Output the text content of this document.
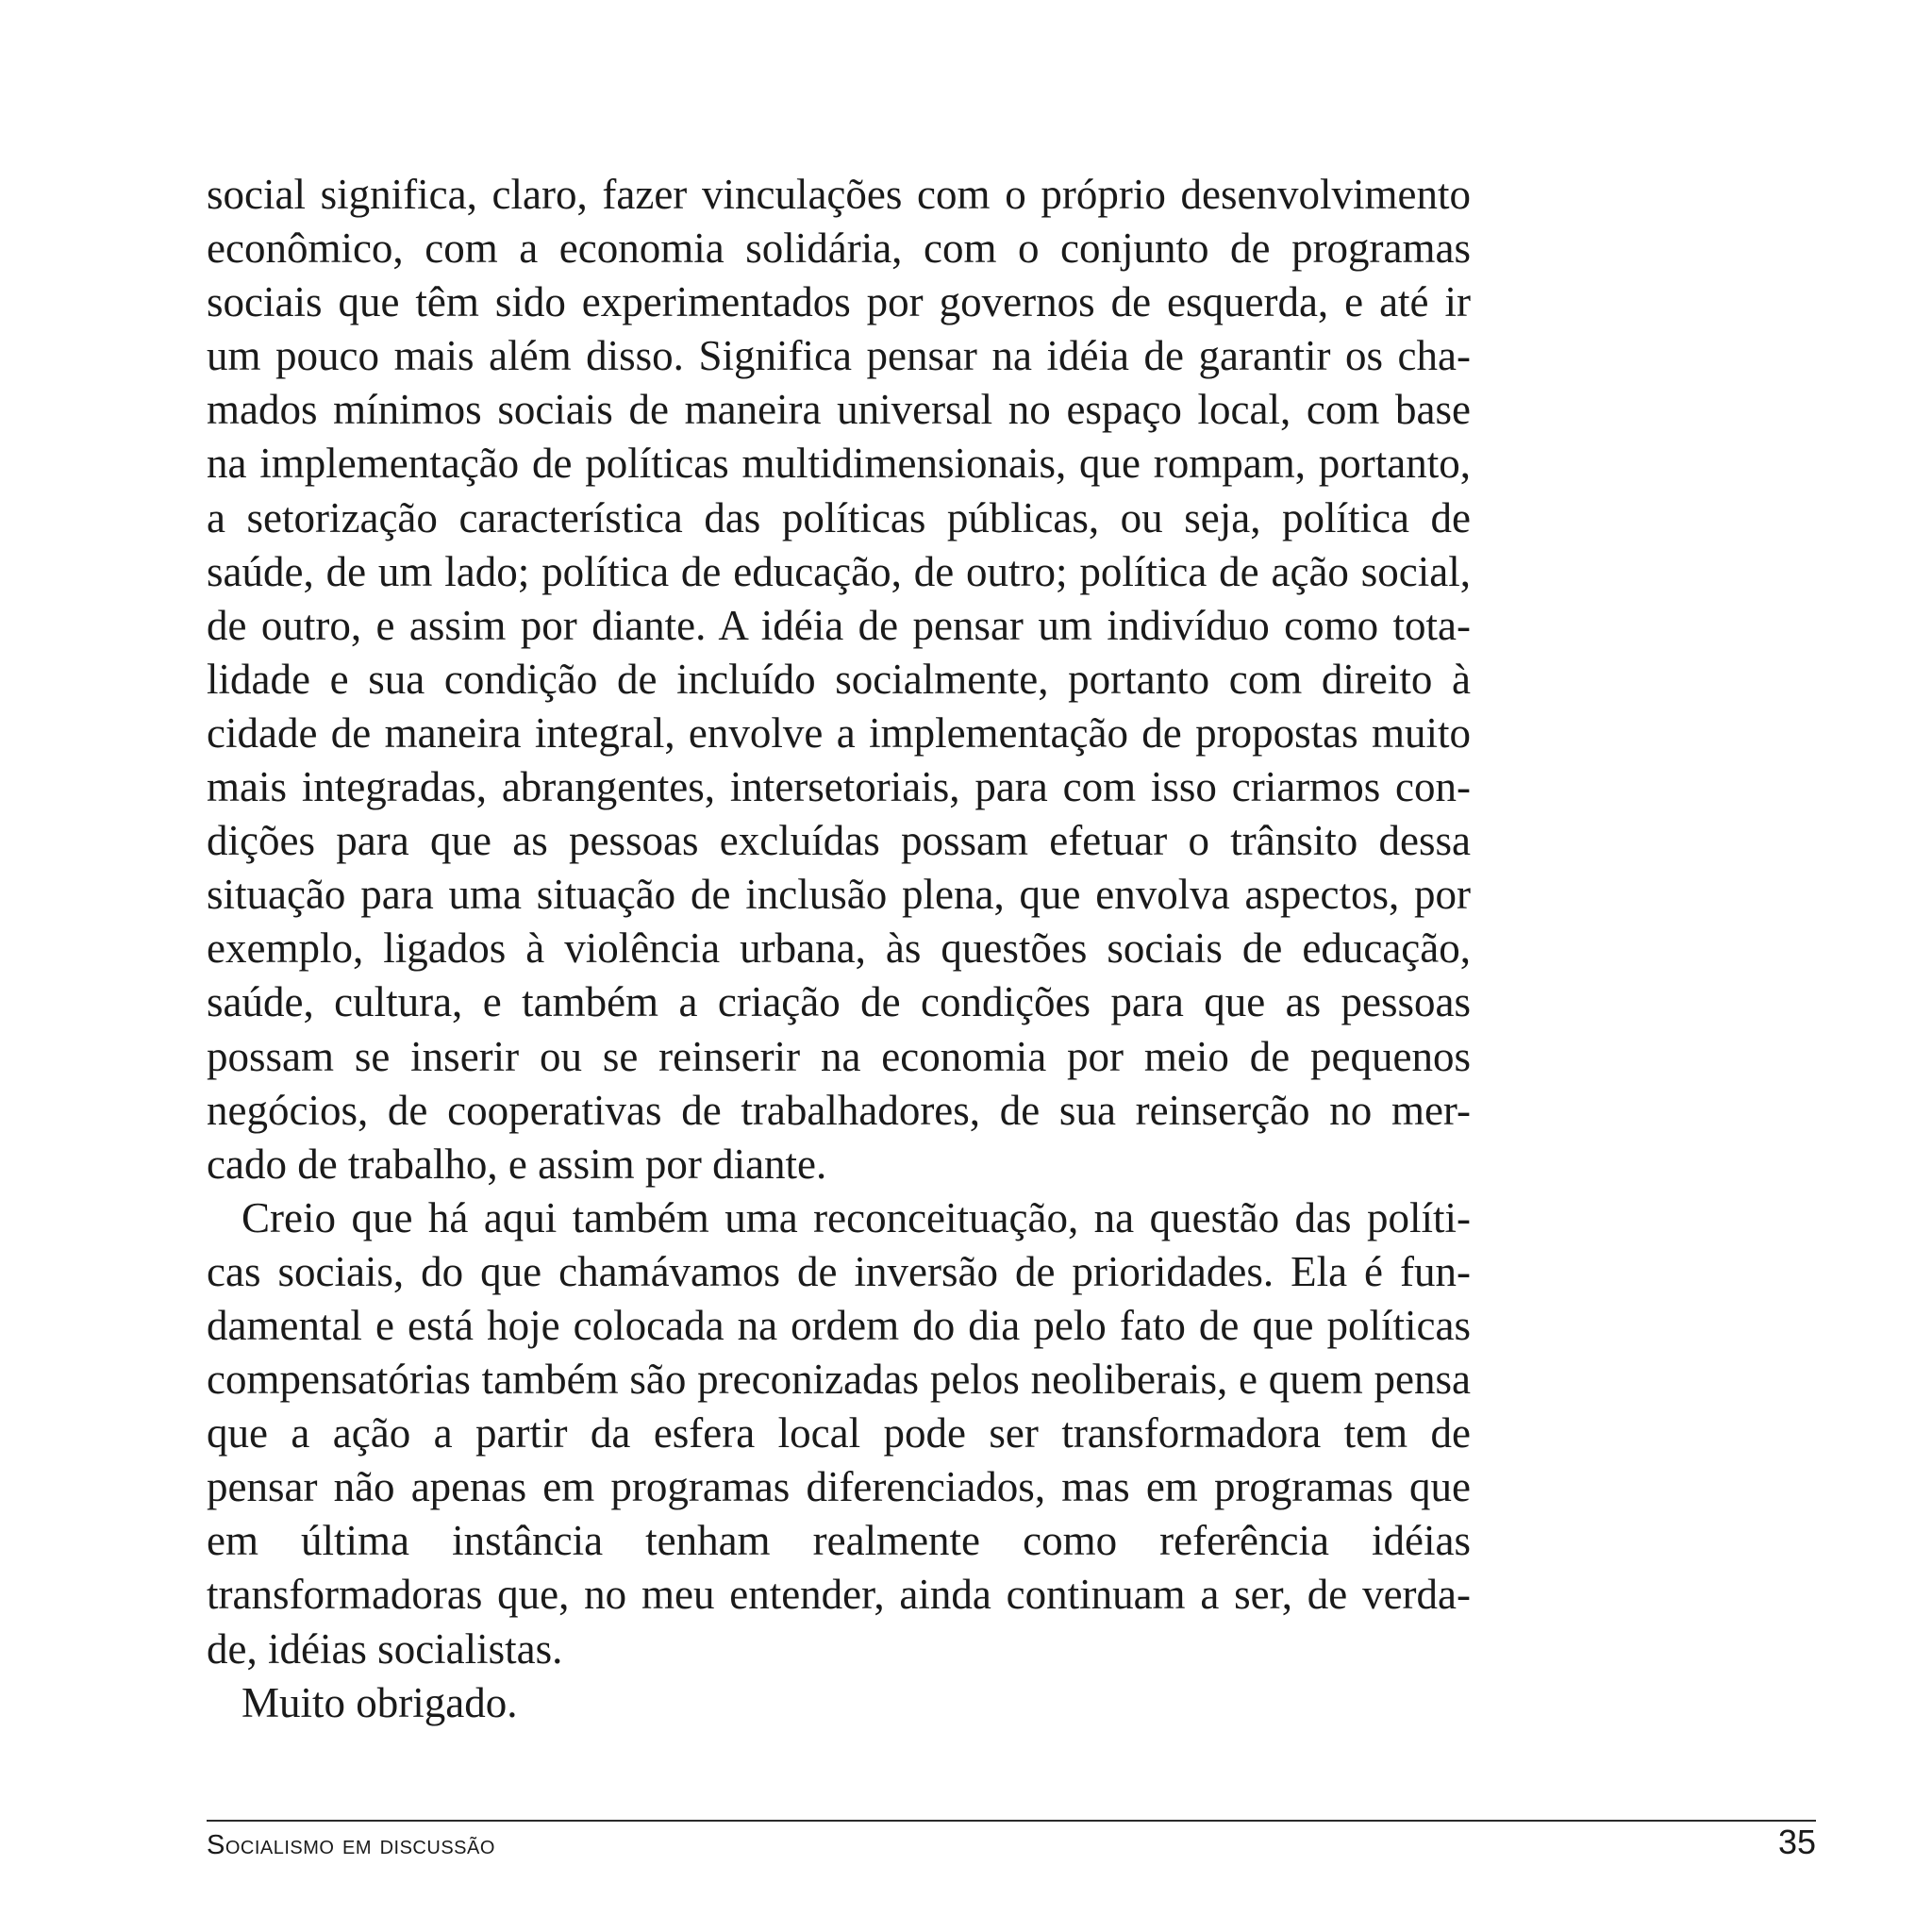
social significa, claro, fazer vinculações com o próprio desenvolvimento
econômico, com a economia solidária, com o conjunto de programas
sociais que têm sido experimentados por governos de esquerda, e até ir
um pouco mais além disso. Significa pensar na idéia de garantir os cha-
mados mínimos sociais de maneira universal no espaço local, com base
na implementação de políticas multidimensionais, que rompam, portanto,
a setorização característica das políticas públicas, ou seja, política de
saúde, de um lado; política de educação, de outro; política de ação social,
de outro, e assim por diante. A idéia de pensar um indivíduo como tota-
lidade e sua condição de incluído socialmente, portanto com direito à
cidade de maneira integral, envolve a implementação de propostas muito
mais integradas, abrangentes, intersetoriais, para com isso criarmos con-
dições para que as pessoas excluídas possam efetuar o trânsito dessa
situação para uma situação de inclusão plena, que envolva aspectos, por
exemplo, ligados à violência urbana, às questões sociais de educação,
saúde, cultura, e também a criação de condições para que as pessoas
possam se inserir ou se reinserir na economia por meio de pequenos
negócios, de cooperativas de trabalhadores, de sua reinserção no mer-
cado de trabalho, e assim por diante.
Creio que há aqui também uma reconceituação, na questão das políti-
cas sociais, do que chamávamos de inversão de prioridades. Ela é fun-
damental e está hoje colocada na ordem do dia pelo fato de que políticas
compensatórias também são preconizadas pelos neoliberais, e quem pensa
que a ação a partir da esfera local pode ser transformadora tem de
pensar não apenas em programas diferenciados, mas em programas que
em última instância tenham realmente como referência idéias
transformadoras que, no meu entender, ainda continuam a ser, de verda-
de, idéias socialistas.

Muito obrigado.

Socialismo em discussão	35
